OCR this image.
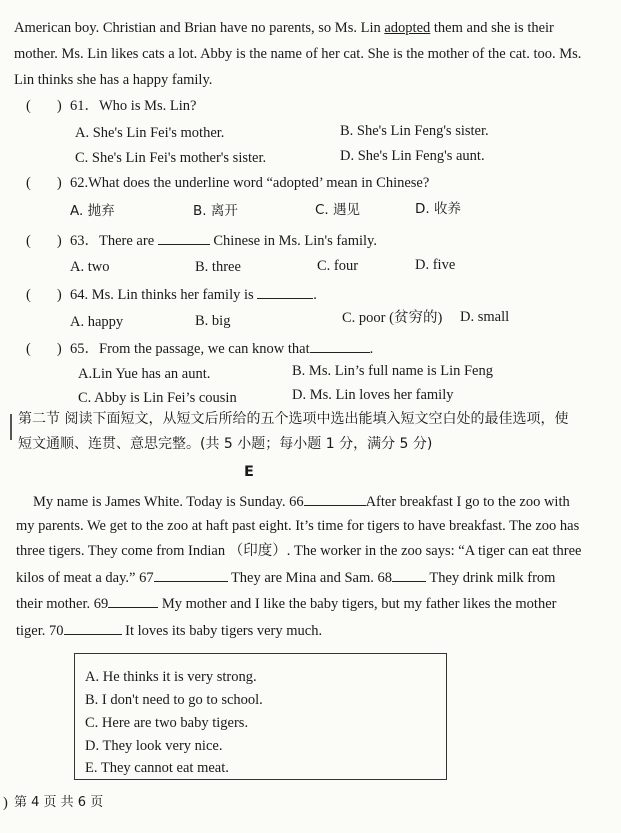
American boy. Christian and Brian have no parents, so Ms. Lin adopted them and she is their
mother. Ms. Lin likes cats a lot. Abby is the name of her cat. She is the mother of the cat. too. Ms.
Lin thinks she has a happy family.
( ) 61．Who is Ms. Lin?
A. She's Lin Fei's mother.	B. She's Lin Feng's sister.
C. She's Lin Fei's mother's sister.	D. She's Lin Feng's aunt.
( ) 62.What does the underline word “adopted’ mean in Chinese?
A. 抛弃	B. 离开	C. 遇见	D. 收养
( ) 63．There are	Chinese in Ms. Lin's family.
A. two	B. three	C. four	D. five
( ) 64. Ms. Lin thinks her family is	.
A. happy	B. big	C. poor (贫穷的) D. small
( ) 65．From the passage, we can know that	.
A.Lin Yue has an aunt.	B. Ms. Lin’s full name is Lin Feng
C. Abby is Lin Fei’s cousin	D. Ms. Lin loves her family
第二节 阅读下面短文，从短文后所给的五个选项中选出能填入短文空白处的最佳选项，使
短文通顺、连贯、意思完整。(共 5 小题；每小题 1 分，满分 5 分)
E
My name is James White. Today is Sunday. 66	After breakfast I go to the zoo with
my parents. We get to the zoo at haft past eight. It’s time for tigers to have breakfast. The zoo has
three tigers. They come from Indian （印度）. The worker in the zoo says: “A tiger can eat three
kilos of meat a day.” 67	They are Mina and Sam. 68 They drink milk from
their mother. 69	My mother and I like the baby tigers, but my father likes the mother
tiger. 70	It loves its baby tigers very much.
A. He thinks it is very strong.
B. I don't need to go to school.
C. Here are two baby tigers.
D. They look very nice.
E. They cannot eat meat.
) 第 4 页 共 6 页
